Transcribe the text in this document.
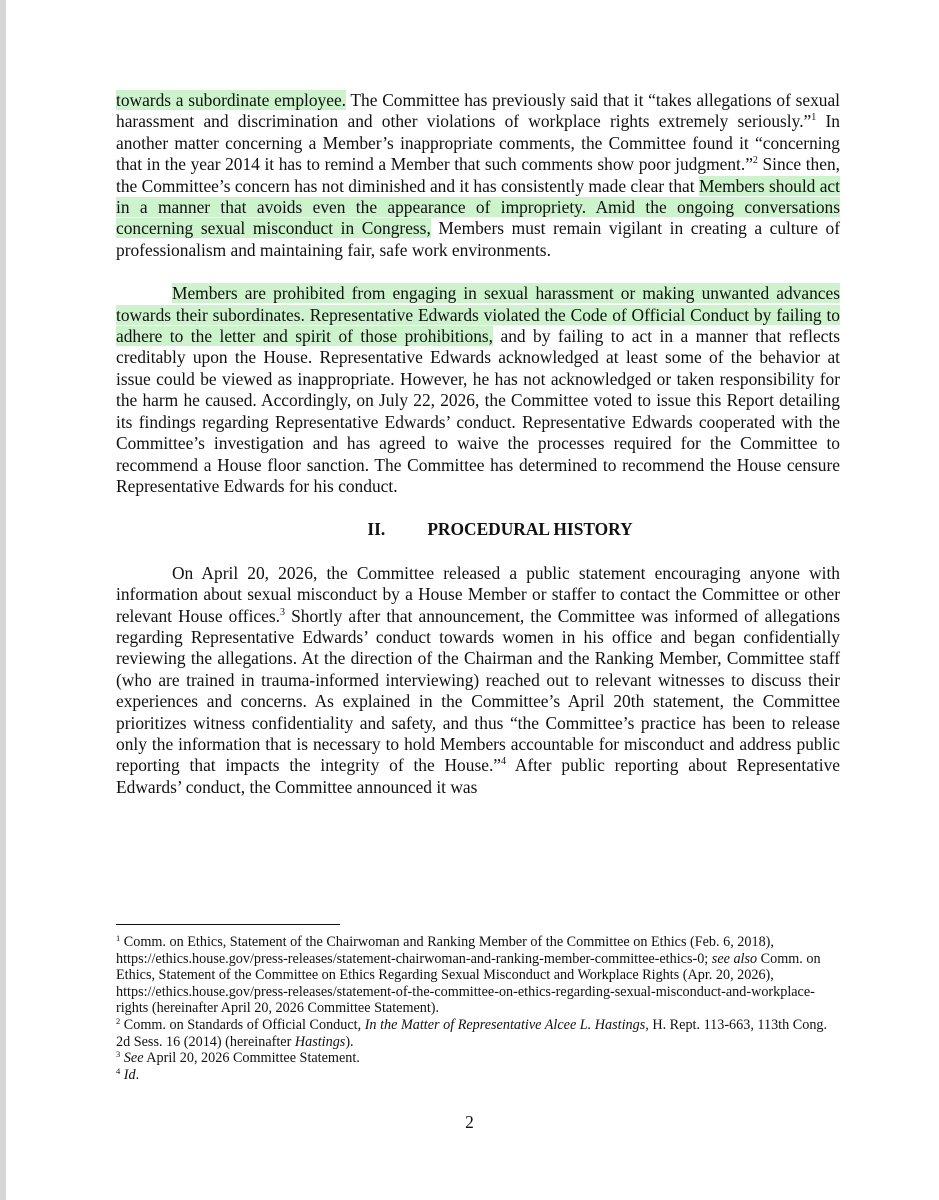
towards a subordinate employee. The Committee has previously said that it “takes allegations of sexual harassment and discrimination and other violations of workplace rights extremely seriously.”$^1$ In another matter concerning a Member’s inappropriate comments, the Committee found it “concerning that in the year 2014 it has to remind a Member that such comments show poor judgment.”$^2$ Since then, the Committee’s concern has not diminished and it has consistently made clear that Members should act in a manner that avoids even the appearance of impropriety. Amid the ongoing conversations concerning sexual misconduct in Congress, Members must remain vigilant in creating a culture of professionalism and maintaining fair, safe work environments.

Members are prohibited from engaging in sexual harassment or making unwanted advances towards their subordinates. Representative Edwards violated the Code of Official Conduct by failing to adhere to the letter and spirit of those prohibitions, and by failing to act in a manner that reflects creditably upon the House. Representative Edwards acknowledged at least some of the behavior at issue could be viewed as inappropriate. However, he has not acknowledged or taken responsibility for the harm he caused. Accordingly, on July 22, 2026, the Committee voted to issue this Report detailing its findings regarding Representative Edwards’ conduct. Representative Edwards cooperated with the Committee’s investigation and has agreed to waive the processes required for the Committee to recommend a House floor sanction. The Committee has determined to recommend the House censure Representative Edwards for his conduct.

II. PROCEDURAL HISTORY

On April 20, 2026, the Committee released a public statement encouraging anyone with information about sexual misconduct by a House Member or staffer to contact the Committee or other relevant House offices.$^3$ Shortly after that announcement, the Committee was informed of allegations regarding Representative Edwards’ conduct towards women in his office and began confidentially reviewing the allegations. At the direction of the Chairman and the Ranking Member, Committee staff (who are trained in trauma-informed interviewing) reached out to relevant witnesses to discuss their experiences and concerns. As explained in the Committee’s April 20th statement, the Committee prioritizes witness confidentiality and safety, and thus “the Committee’s practice has been to release only the information that is necessary to hold Members accountable for misconduct and address public reporting that impacts the integrity of the House.”$^4$ After public reporting about Representative Edwards’ conduct, the Committee announced it was

$^1$ Comm. on Ethics, Statement of the Chairwoman and Ranking Member of the Committee on Ethics (Feb. 6, 2018), https://ethics.house.gov/press-releases/statement-chairwoman-and-ranking-member-committee-ethics-0; see also Comm. on Ethics, Statement of the Committee on Ethics Regarding Sexual Misconduct and Workplace Rights (Apr. 20, 2026), https://ethics.house.gov/press-releases/statement-of-the-committee-on-ethics-regarding-sexual-misconduct-and-workplace-rights (hereinafter April 20, 2026 Committee Statement).

$^2$ Comm. on Standards of Official Conduct, In the Matter of Representative Alcee L. Hastings, H. Rept. 113-663, 113th Cong. 2d Sess. 16 (2014) (hereinafter Hastings).

$^3$ See April 20, 2026 Committee Statement.

$^4$ Id.

2
